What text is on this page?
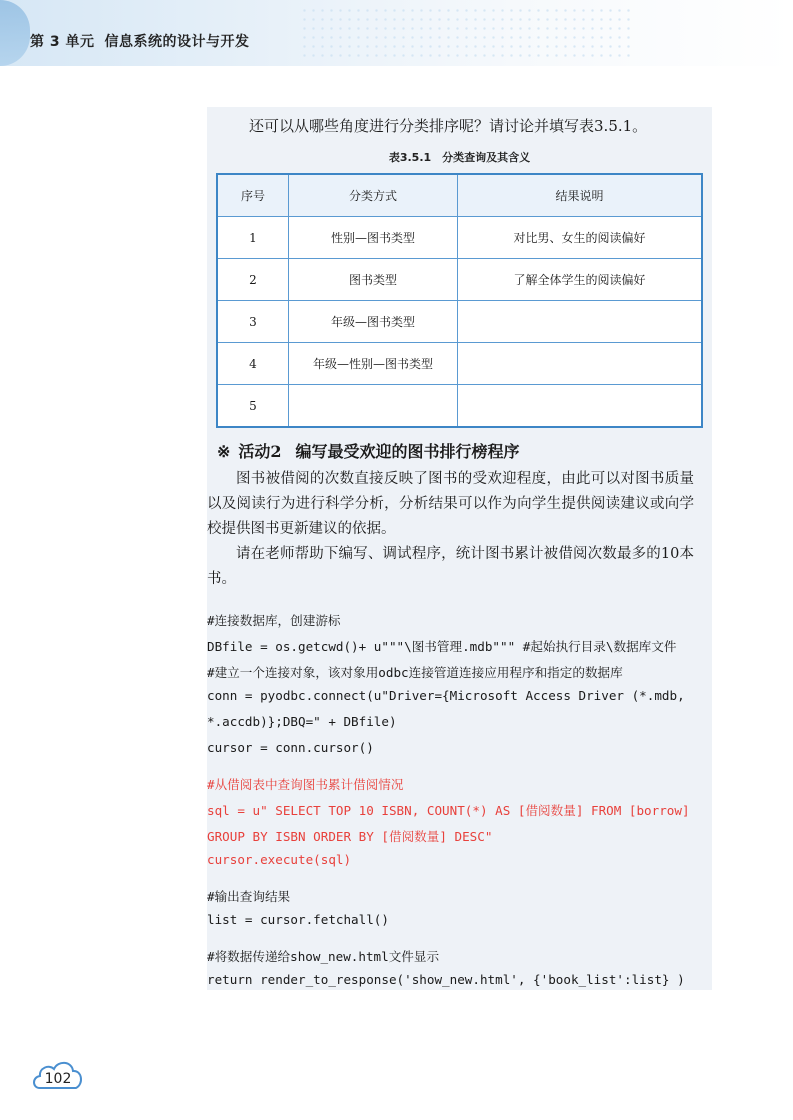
第 3 单元 信息系统的设计与开发
还可以从哪些角度进行分类排序呢？请讨论并填写表3.5.1。
表3.5.1　分类查询及其含义
序号	分类方式	结果说明
1	性别—图书类型	对比男、女生的阅读偏好
2	图书类型	了解全体学生的阅读偏好
3	年级—图书类型	
4	年级—性别—图书类型	
5		
※ 活动2 编写最受欢迎的图书排行榜程序

图书被借阅的次数直接反映了图书的受欢迎程度，由此可以对图书质量以及阅读行为进行科学分析，分析结果可以作为向学生提供阅读建议或向学校提供图书更新建议的依据。

请在老师帮助下编写、调试程序，统计图书累计被借阅次数最多的10本书。

#连接数据库，创建游标
DBfile = os.getcwd()+ u"""\图书管理.mdb""" #起始执行目录\数据库文件
#建立一个连接对象，该对象用odbc连接管道连接应用程序和指定的数据库
conn = pyodbc.connect(u"Driver={Microsoft Access Driver (*.mdb,
*.accdb)};DBQ=" + DBfile)
cursor = conn.cursor()
#从借阅表中查询图书累计借阅情况
sql = u" SELECT TOP 10 ISBN, COUNT(*) AS [借阅数量] FROM [borrow]
GROUP BY ISBN ORDER BY [借阅数量] DESC"
cursor.execute(sql)
#输出查询结果
list = cursor.fetchall()
#将数据传递给show_new.html文件显示
return render_to_response('show_new.html', {'book_list':list} )
102
